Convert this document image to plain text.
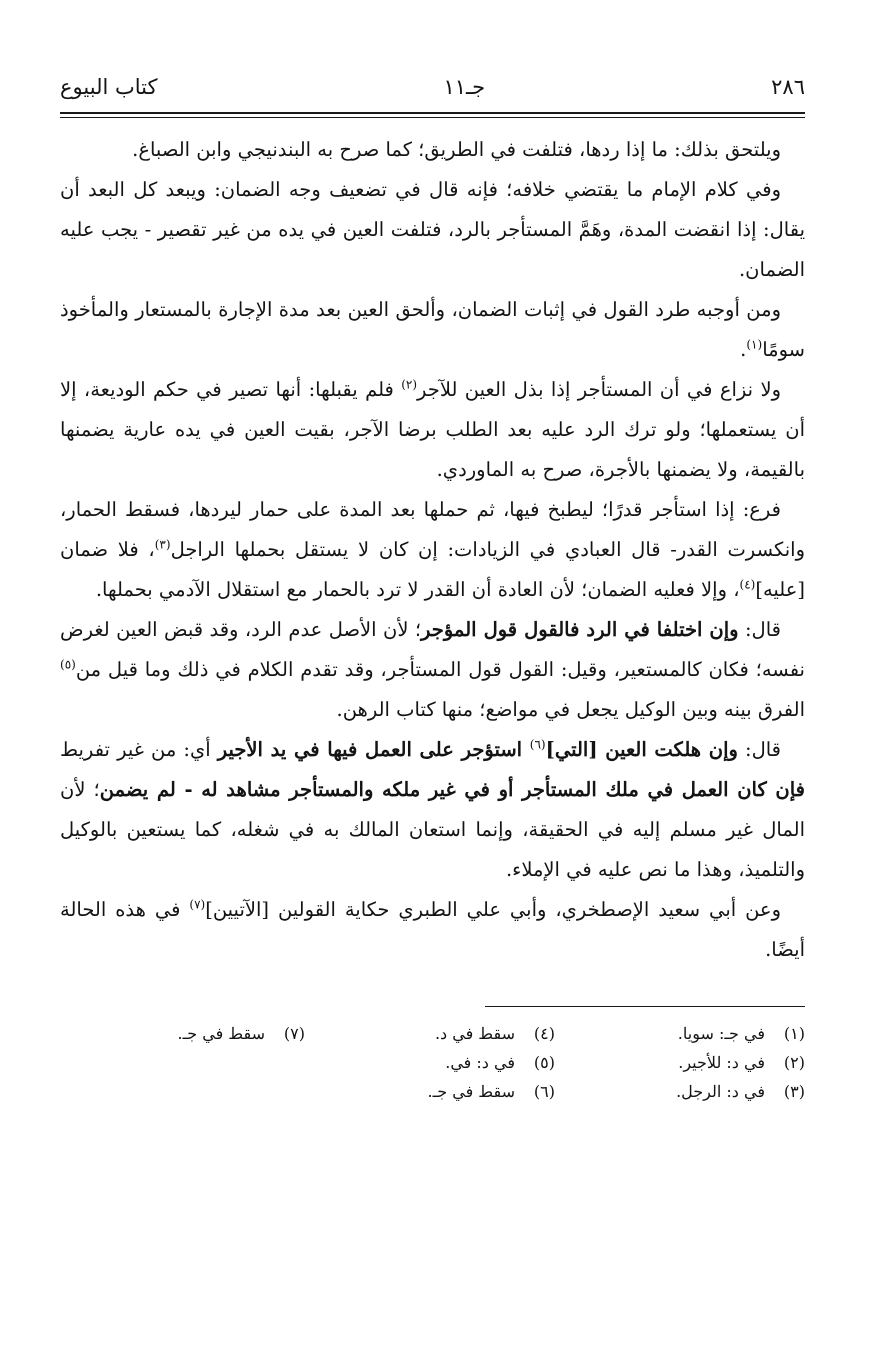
٢٨٦
جـ١١
كتاب البيوع

ويلتحق بذلك: ما إذا ردها، فتلفت في الطريق؛ كما صرح به البندنيجي وابن الصباغ.

وفي كلام الإمام ما يقتضي خلافه؛ فإنه قال في تضعيف وجه الضمان: ويبعد كل البعد أن يقال: إذا انقضت المدة، وهَمَّ المستأجر بالرد، فتلفت العين في يده من غير تقصير - يجب عليه الضمان.

ومن أوجبه طرد القول في إثبات الضمان، وألحق العين بعد مدة الإجارة بالمستعار والمأخوذ سومًا$^{(١)}$.

ولا نزاع في أن المستأجر إذا بذل العين للآجر$^{(٢)}$ فلم يقبلها: أنها تصير في حكم الوديعة، إلا أن يستعملها؛ ولو ترك الرد عليه بعد الطلب برضا الآجر، بقيت العين في يده عارية يضمنها بالقيمة، ولا يضمنها بالأجرة، صرح به الماوردي.

فرع: إذا استأجر قدرًا؛ ليطبخ فيها، ثم حملها بعد المدة على حمار ليردها، فسقط الحمار، وانكسرت القدر- قال العبادي في الزيادات: إن كان لا يستقل بحملها الراجل$^{(٣)}$، فلا ضمان [عليه]$^{(٤)}$، وإلا فعليه الضمان؛ لأن العادة أن القدر لا ترد بالحمار مع استقلال الآدمي بحملها.

قال: وإن اختلفا في الرد فالقول قول المؤجر؛ لأن الأصل عدم الرد، وقد قبض العين لغرض نفسه؛ فكان كالمستعير، وقيل: القول قول المستأجر، وقد تقدم الكلام في ذلك وما قيل من$^{(٥)}$ الفرق بينه وبين الوكيل يجعل في مواضع؛ منها كتاب الرهن.

قال: وإن هلكت العين [التي]$^{(٦)}$ استؤجر على العمل فيها في يد الأجير أي: من غير تفريط فإن كان العمل في ملك المستأجر أو في غير ملكه والمستأجر مشاهد له - لم يضمن؛ لأن المال غير مسلم إليه في الحقيقة، وإنما استعان المالك به في شغله، كما يستعين بالوكيل والتلميذ، وهذا ما نص عليه في الإملاء.

وعن أبي سعيد الإصطخري، وأبي علي الطبري حكاية القولين [الآتيين]$^{(٧)}$ في هذه الحالة أيضًا.

(١)في جـ: سويا.
(٢)في د: للأجير.
(٣)في د: الرجل.
(٤)سقط في د.
(٥)في د: في.
(٦)سقط في جـ.
(٧)سقط في جـ.
